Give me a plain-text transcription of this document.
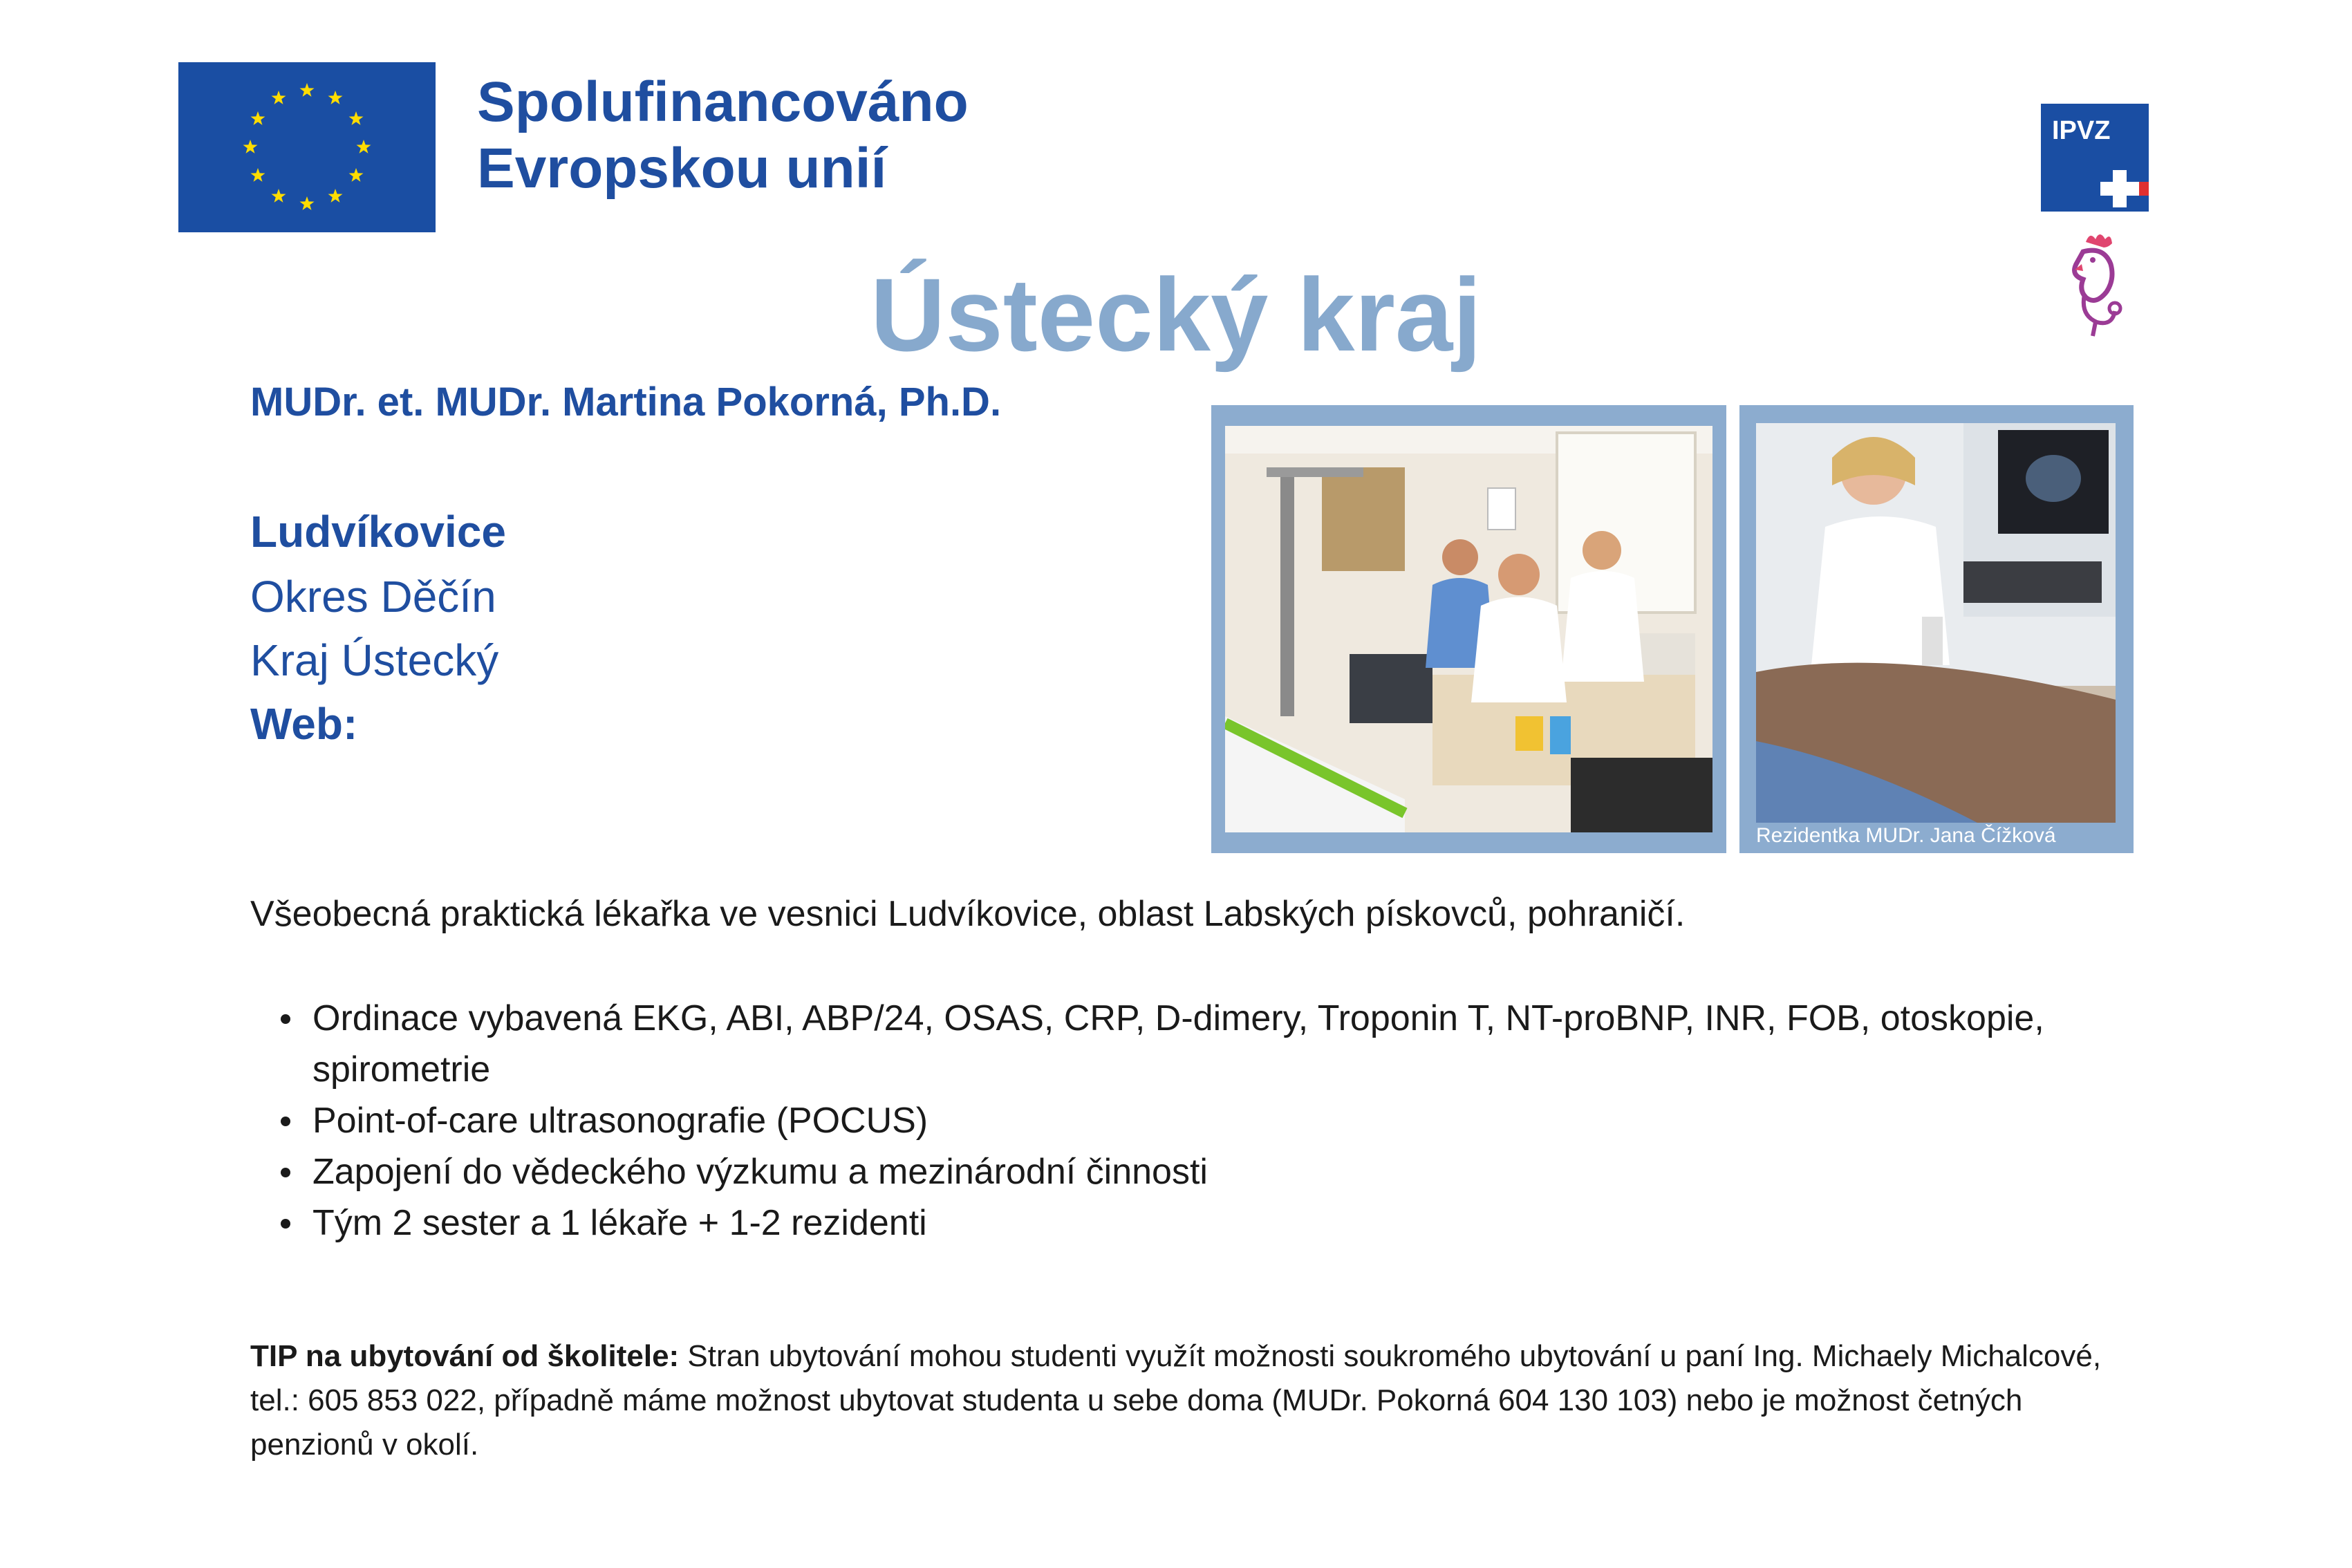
Spolufinancováno
Evropskou unií
IPVZ
Ústecký kraj
MUDr. et. MUDr. Martina Pokorná, Ph.D.
Ludvíkovice
Okres Děčín
Kraj Ústecký
Web:
Rezidentka MUDr. Jana Čížková
Všeobecná praktická lékařka ve vesnici Ludvíkovice, oblast Labských pískovců, pohraničí.
Ordinace vybavená EKG, ABI, ABP/24, OSAS, CRP, D-dimery, Troponin T, NT-proBNP, INR, FOB, otoskopie, spirometrie
Point-of-care ultrasonografie (POCUS)
Zapojení do vědeckého výzkumu a mezinárodní činnosti
Tým 2 sester a 1 lékaře + 1-2 rezidenti
TIP na ubytování od školitele: Stran ubytování mohou studenti využít možnosti soukromého ubytování u paní Ing. Michaely Michalcové, tel.: 605 853 022, případně máme možnost ubytovat studenta u sebe doma (MUDr. Pokorná 604 130 103) nebo je možnost četných penzionů v okolí.
